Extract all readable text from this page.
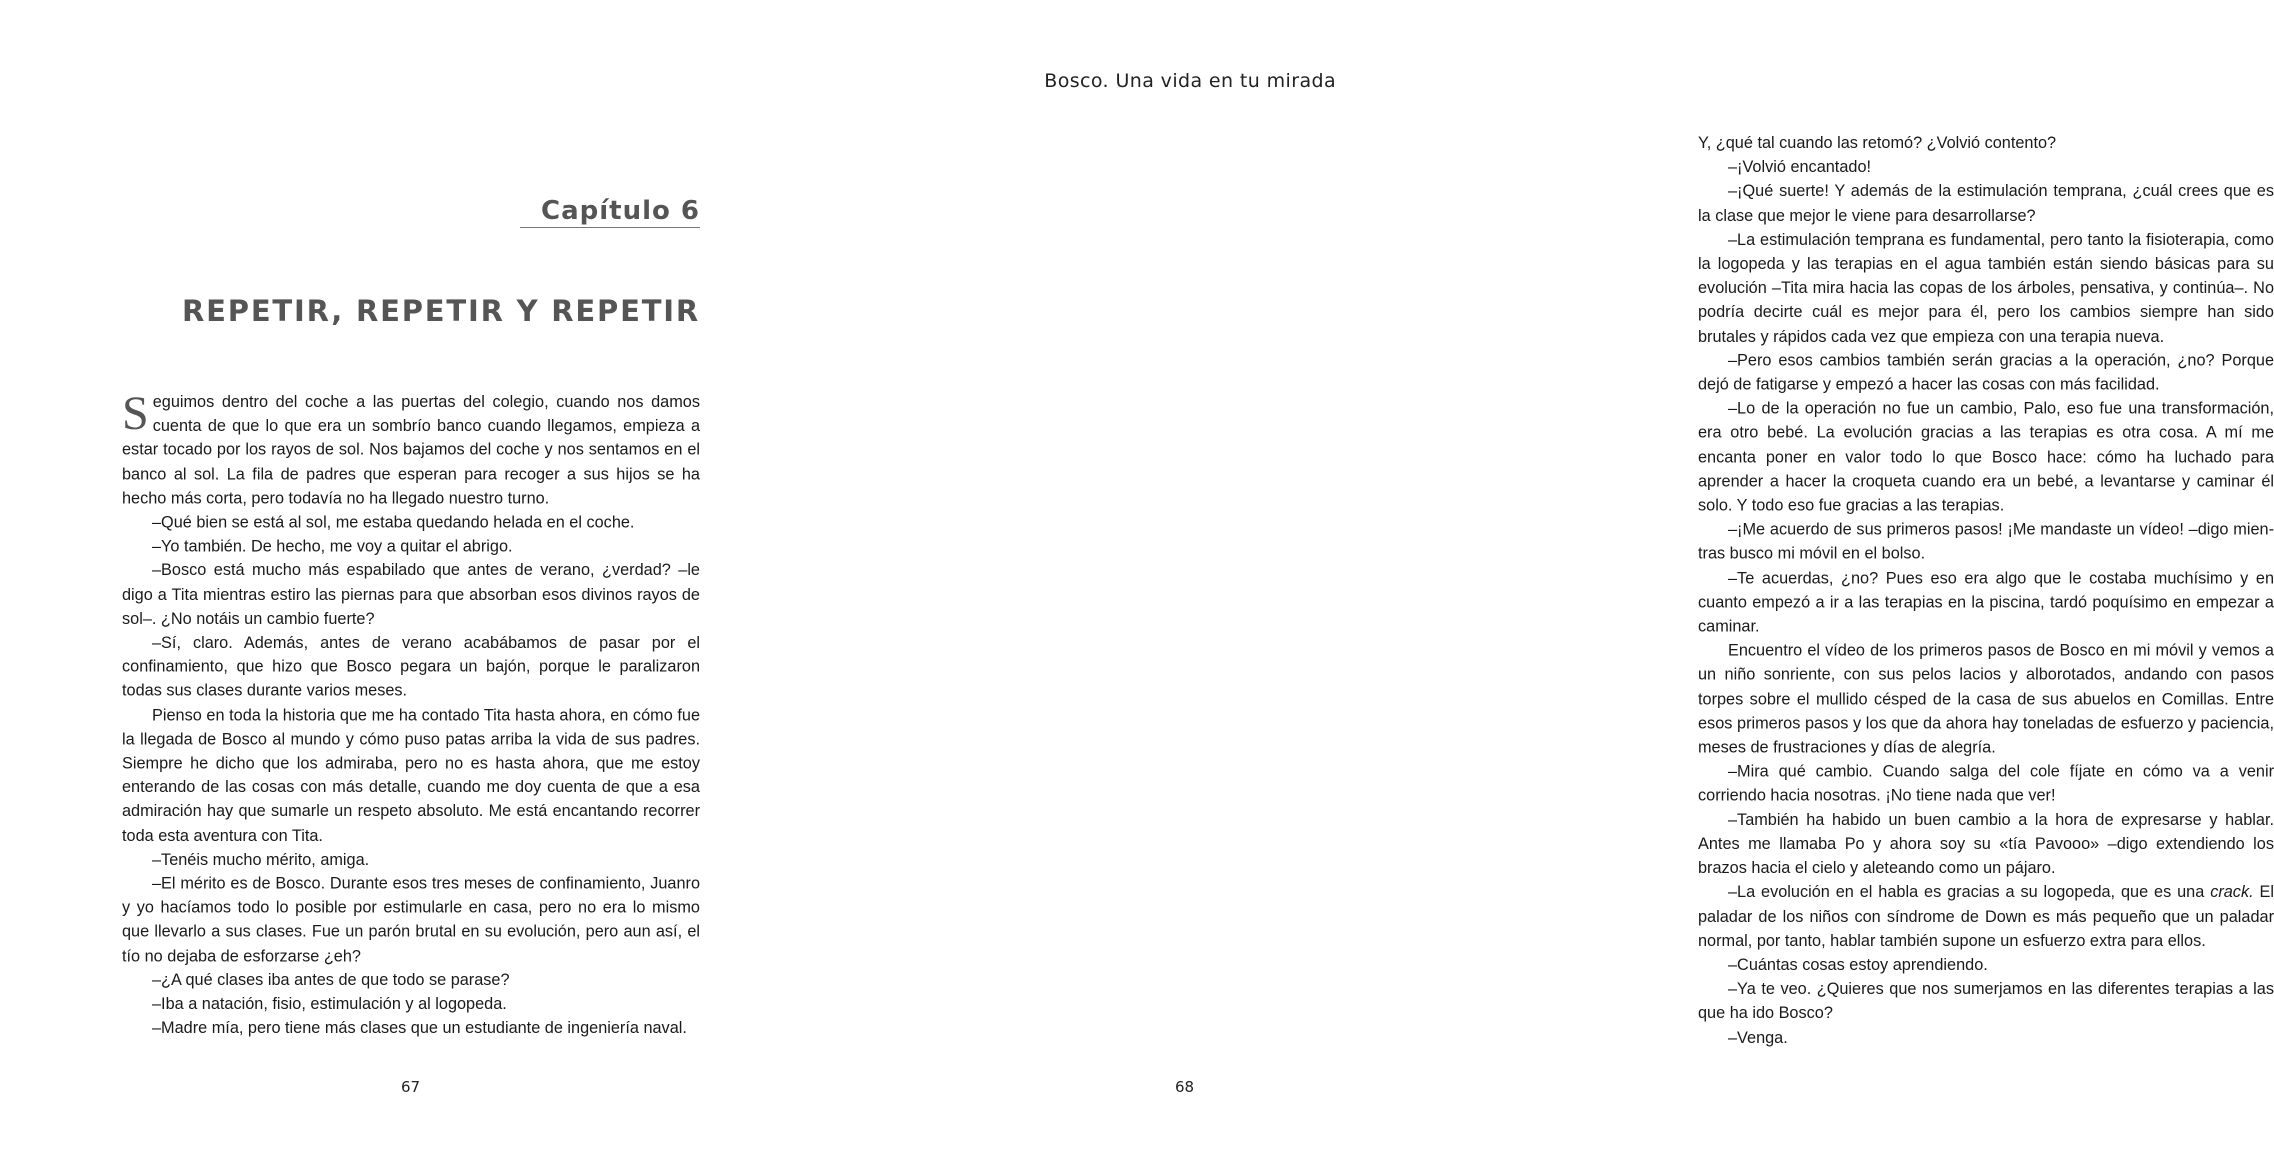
Capítulo 6
REPETIR, REPETIR Y REPETIR

Seguimos dentro del coche a las puertas del colegio, cuando nos damos cuenta de que lo que era un sombrío banco cuando llegamos, empieza a estar tocado por los rayos de sol. Nos bajamos del coche y nos sentamos en el banco al sol. La fila de padres que esperan para recoger a sus hijos se ha hecho más corta, pero todavía no ha llegado nuestro turno.

–Qué bien se está al sol, me estaba quedando helada en el coche.

–Yo también. De hecho, me voy a quitar el abrigo.

–Bosco está mucho más espabilado que antes de verano, ¿verdad? –le digo a Tita mientras estiro las piernas para que absorban esos divinos rayos de sol–. ¿No notáis un cambio fuerte?

–Sí, claro. Además, antes de verano acabábamos de pasar por el confinamiento, que hizo que Bosco pegara un bajón, porque le paralizaron todas sus clases durante varios meses.

Pienso en toda la historia que me ha contado Tita hasta ahora, en cómo fue la llegada de Bosco al mundo y cómo puso patas arriba la vida de sus padres. Siempre he dicho que los admiraba, pero no es hasta ahora, que me estoy enterando de las cosas con más detalle, cuando me doy cuenta de que a esa admiración hay que sumarle un respeto absoluto. Me está encantando recorrer toda esta aventura con Tita.

–Tenéis mucho mérito, amiga.

–El mérito es de Bosco. Durante esos tres meses de confinamiento, Juanro y yo hacíamos todo lo posible por estimularle en casa, pero no era lo mismo que llevarlo a sus clases. Fue un parón brutal en su evolución, pero aun así, el tío no dejaba de esforzarse ¿eh?

–¿A qué clases iba antes de que todo se parase?

–Iba a natación, fisio, estimulación y al logopeda.

–Madre mía, pero tiene más clases que un estudiante de ingeniería naval.

67
Bosco. Una vida en tu mirada

Y, ¿qué tal cuando las retomó? ¿Volvió contento?

–¡Volvió encantado!

–¡Qué suerte! Y además de la estimulación temprana, ¿cuál crees que es la clase que mejor le viene para desarrollarse?

–La estimulación temprana es fundamental, pero tanto la fisioterapia, como la logopeda y las terapias en el agua también están siendo básicas para su evolución –Tita mira hacia las copas de los árboles, pensativa, y continúa–. No podría decirte cuál es mejor para él, pero los cambios siempre han sido brutales y rápidos cada vez que empieza con una terapia nueva.

–Pero esos cambios también serán gracias a la operación, ¿no? Porque dejó de fatigarse y empezó a hacer las cosas con más facilidad.

–Lo de la operación no fue un cambio, Palo, eso fue una transformación, era otro bebé. La evolución gracias a las terapias es otra cosa. A mí me encanta poner en valor todo lo que Bosco hace: cómo ha luchado para aprender a hacer la croqueta cuando era un bebé, a levantarse y caminar él solo. Y todo eso fue gracias a las terapias.

–¡Me acuerdo de sus primeros pasos! ¡Me mandaste un vídeo! –digo mientras busco mi móvil en el bolso.

–Te acuerdas, ¿no? Pues eso era algo que le costaba muchísimo y en cuanto empezó a ir a las terapias en la piscina, tardó poquísimo en empezar a caminar.

Encuentro el vídeo de los primeros pasos de Bosco en mi móvil y vemos a un niño sonriente, con sus pelos lacios y alborotados, andando con pasos torpes sobre el mullido césped de la casa de sus abuelos en Comillas. Entre esos primeros pasos y los que da ahora hay toneladas de esfuerzo y paciencia, meses de frustraciones y días de alegría.

–Mira qué cambio. Cuando salga del cole fíjate en cómo va a venir corriendo hacia nosotras. ¡No tiene nada que ver!

–También ha habido un buen cambio a la hora de expresarse y hablar. Antes me llamaba Po y ahora soy su «tía Pavooo» –digo extendiendo los brazos hacia el cielo y aleteando como un pájaro.

–La evolución en el habla es gracias a su logopeda, que es una crack. El paladar de los niños con síndrome de Down es más pequeño que un paladar normal, por tanto, hablar también supone un esfuerzo extra para ellos.

–Cuántas cosas estoy aprendiendo.

–Ya te veo. ¿Quieres que nos sumerjamos en las diferentes terapias a las que ha ido Bosco?

–Venga.

68
